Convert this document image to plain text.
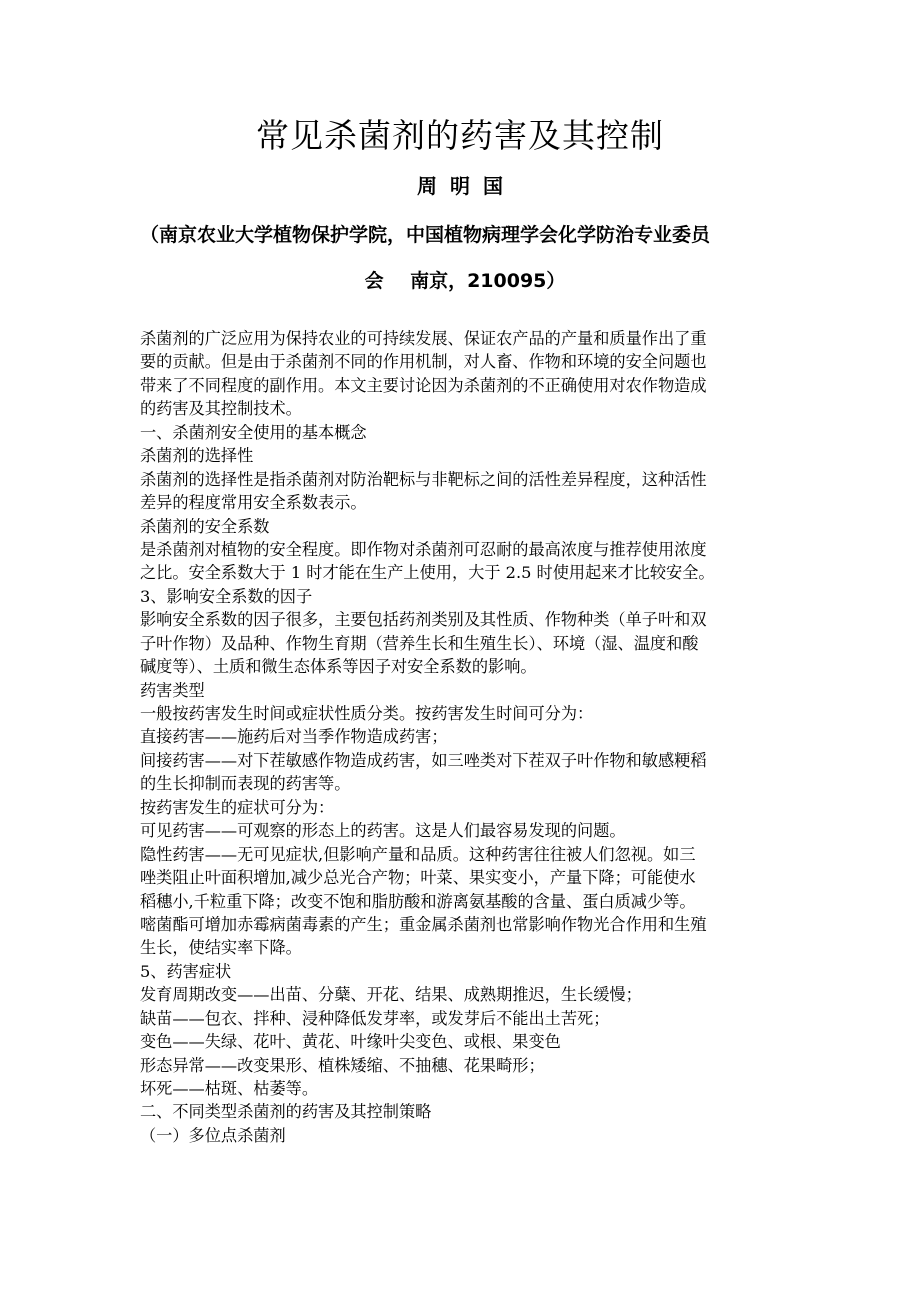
常见杀菌剂的药害及其控制
周 明 国
（南京农业大学植物保护学院，中国植物病理学会化学防治专业委员
会    南京，210095）
杀菌剂的广泛应用为保持农业的可持续发展、保证农产品的产量和质量作出了重
要的贡献。但是由于杀菌剂不同的作用机制，对人畜、作物和环境的安全问题也
带来了不同程度的副作用。本文主要讨论因为杀菌剂的不正确使用对农作物造成
的药害及其控制技术。
一、杀菌剂安全使用的基本概念
杀菌剂的选择性
杀菌剂的选择性是指杀菌剂对防治靶标与非靶标之间的活性差异程度，这种活性
差异的程度常用安全系数表示。
杀菌剂的安全系数
是杀菌剂对植物的安全程度。即作物对杀菌剂可忍耐的最高浓度与推荐使用浓度
之比。安全系数大于 1 时才能在生产上使用，大于 2.5 时使用起来才比较安全。
3、影响安全系数的因子
影响安全系数的因子很多，主要包括药剂类别及其性质、作物种类（单子叶和双
子叶作物）及品种、作物生育期（营养生长和生殖生长）、环境（湿、温度和酸
碱度等）、土质和微生态体系等因子对安全系数的影响。
药害类型
一般按药害发生时间或症状性质分类。按药害发生时间可分为：
直接药害——施药后对当季作物造成药害；
间接药害——对下茬敏感作物造成药害，如三唑类对下茬双子叶作物和敏感粳稻
的生长抑制而表现的药害等。
按药害发生的症状可分为：
可见药害——可观察的形态上的药害。这是人们最容易发现的问题。
隐性药害——无可见症状,但影响产量和品质。这种药害往往被人们忽视。如三
唑类阻止叶面积增加,减少总光合产物；叶菜、果实变小，产量下降；可能使水
稻穗小,千粒重下降；改变不饱和脂肪酸和游离氨基酸的含量、蛋白质减少等。
嘧菌酯可增加赤霉病菌毒素的产生；重金属杀菌剂也常影响作物光合作用和生殖
生长，使结实率下降。
5、药害症状
发育周期改变——出苗、分蘖、开花、结果、成熟期推迟，生长缓慢；
缺苗——包衣、拌种、浸种降低发芽率，或发芽后不能出土苦死；
变色——失绿、花叶、黄花、叶缘叶尖变色、或根、果变色
形态异常——改变果形、植株矮缩、不抽穗、花果畸形；
坏死——枯斑、枯萎等。
二、不同类型杀菌剂的药害及其控制策略
（一）多位点杀菌剂
